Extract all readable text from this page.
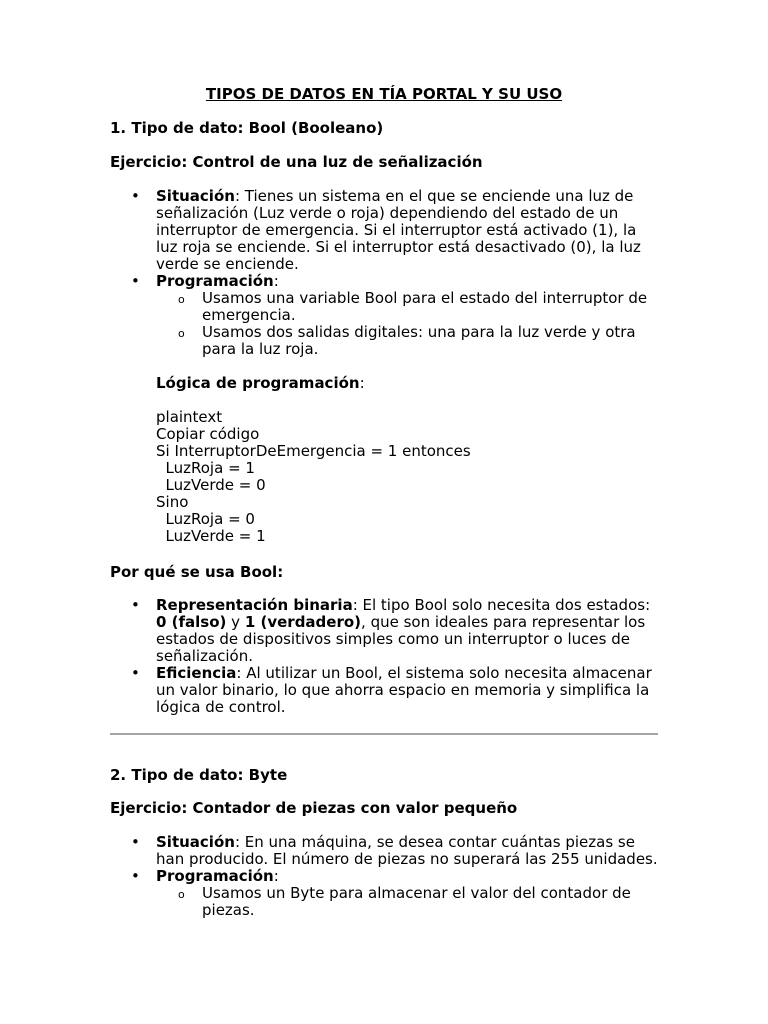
TIPOS DE DATOS EN TÍA PORTAL Y SU USO
1. Tipo de dato: Bool (Booleano)
Ejercicio: Control de una luz de señalización
• Situación: Tienes un sistema en el que se enciende una luz de señalización (Luz verde o roja) dependiendo del estado de un interruptor de emergencia. Si el interruptor está activado (1), la luz roja se enciende. Si el interruptor está desactivado (0), la luz verde se enciende.
• Programación:
o Usamos una variable Bool para el estado del interruptor de emergencia.
o Usamos dos salidas digitales: una para la luz verde y otra para la luz roja.
Lógica de programación:
plaintext
Copiar código
Si InterruptorDeEmergencia = 1 entonces
LuzRoja = 1
LuzVerde = 0
Sino
LuzRoja = 0
LuzVerde = 1
Por qué se usa Bool:
• Representación binaria: El tipo Bool solo necesita dos estados: 0 (falso) y 1 (verdadero), que son ideales para representar los estados de dispositivos simples como un interruptor o luces de señalización.
• Eficiencia: Al utilizar un Bool, el sistema solo necesita almacenar un valor binario, lo que ahorra espacio en memoria y simplifica la lógica de control.
2. Tipo de dato: Byte
Ejercicio: Contador de piezas con valor pequeño
• Situación: En una máquina, se desea contar cuántas piezas se han producido. El número de piezas no superará las 255 unidades.
• Programación:
o Usamos un Byte para almacenar el valor del contador de piezas.
